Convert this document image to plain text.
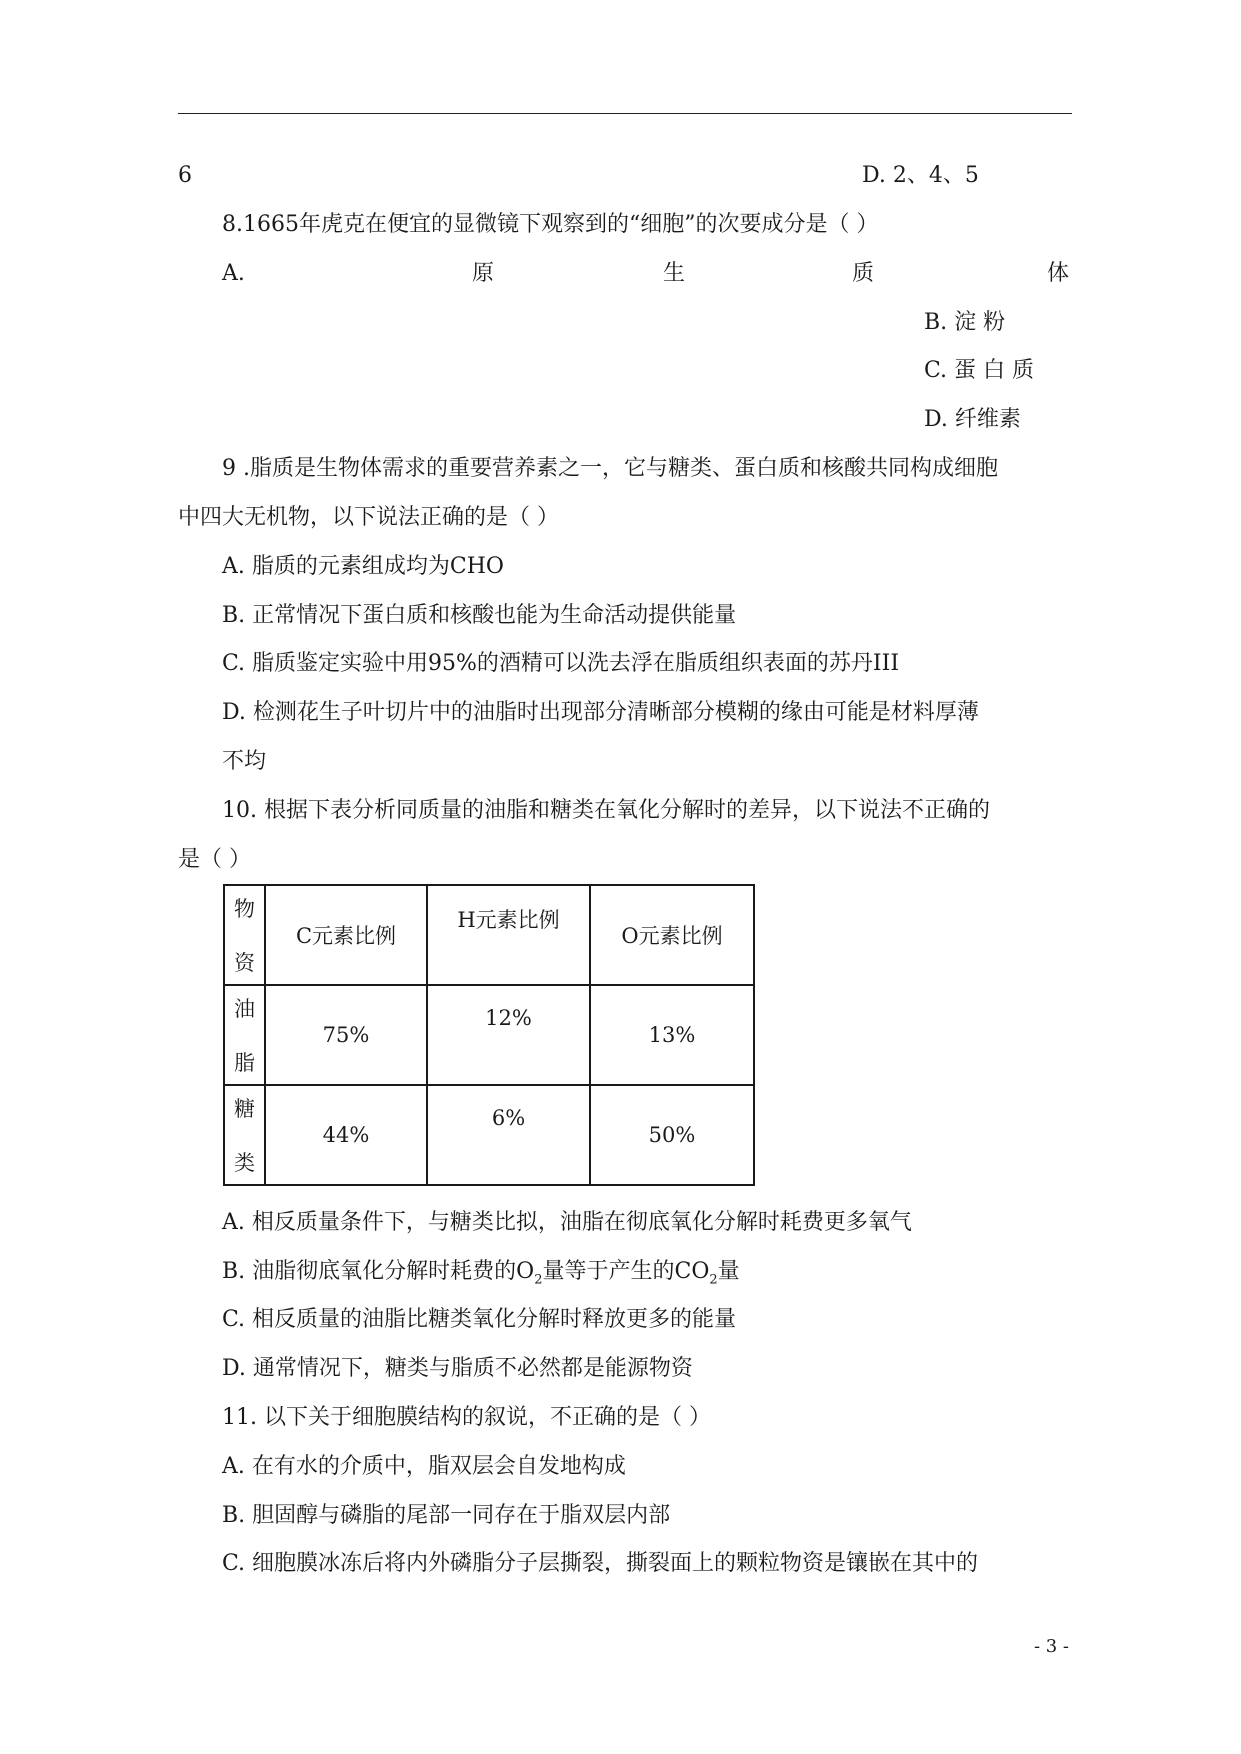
6	D. 2、4、5
8.1665年虎克在便宜的显微镜下观察到的“细胞”的次要成分是（ ）
A.	原	生	质	体
B. 淀 粉
C. 蛋 白 质
D. 纤维素
9 .脂质是生物体需求的重要营养素之一，它与糖类、蛋白质和核酸共同构成细胞
中四大无机物，以下说法正确的是（ ）
A. 脂质的元素组成均为CHO
B. 正常情况下蛋白质和核酸也能为生命活动提供能量
C. 脂质鉴定实验中用95%的酒精可以洗去浮在脂质组织表面的苏丹III
D. 检测花生子叶切片中的油脂时出现部分清晰部分模糊的缘由可能是材料厚薄
不均
10. 根据下表分析同质量的油脂和糖类在氧化分解时的差异，以下说法不正确的
是（ ）
物
资	C元素比例	H元素比例	O元素比例

油
脂	75%	12%	13%

糖
类	44%	6%	50%
A. 相反质量条件下，与糖类比拟，油脂在彻底氧化分解时耗费更多氧气
B. 油脂彻底氧化分解时耗费的$O_2$量等于产生的$CO_2$量
C. 相反质量的油脂比糖类氧化分解时释放更多的能量
D. 通常情况下，糖类与脂质不必然都是能源物资
11. 以下关于细胞膜结构的叙说，不正确的是（ ）
A. 在有水的介质中，脂双层会自发地构成
B. 胆固醇与磷脂的尾部一同存在于脂双层内部
C. 细胞膜冰冻后将内外磷脂分子层撕裂，撕裂面上的颗粒物资是镶嵌在其中的
- 3 -
